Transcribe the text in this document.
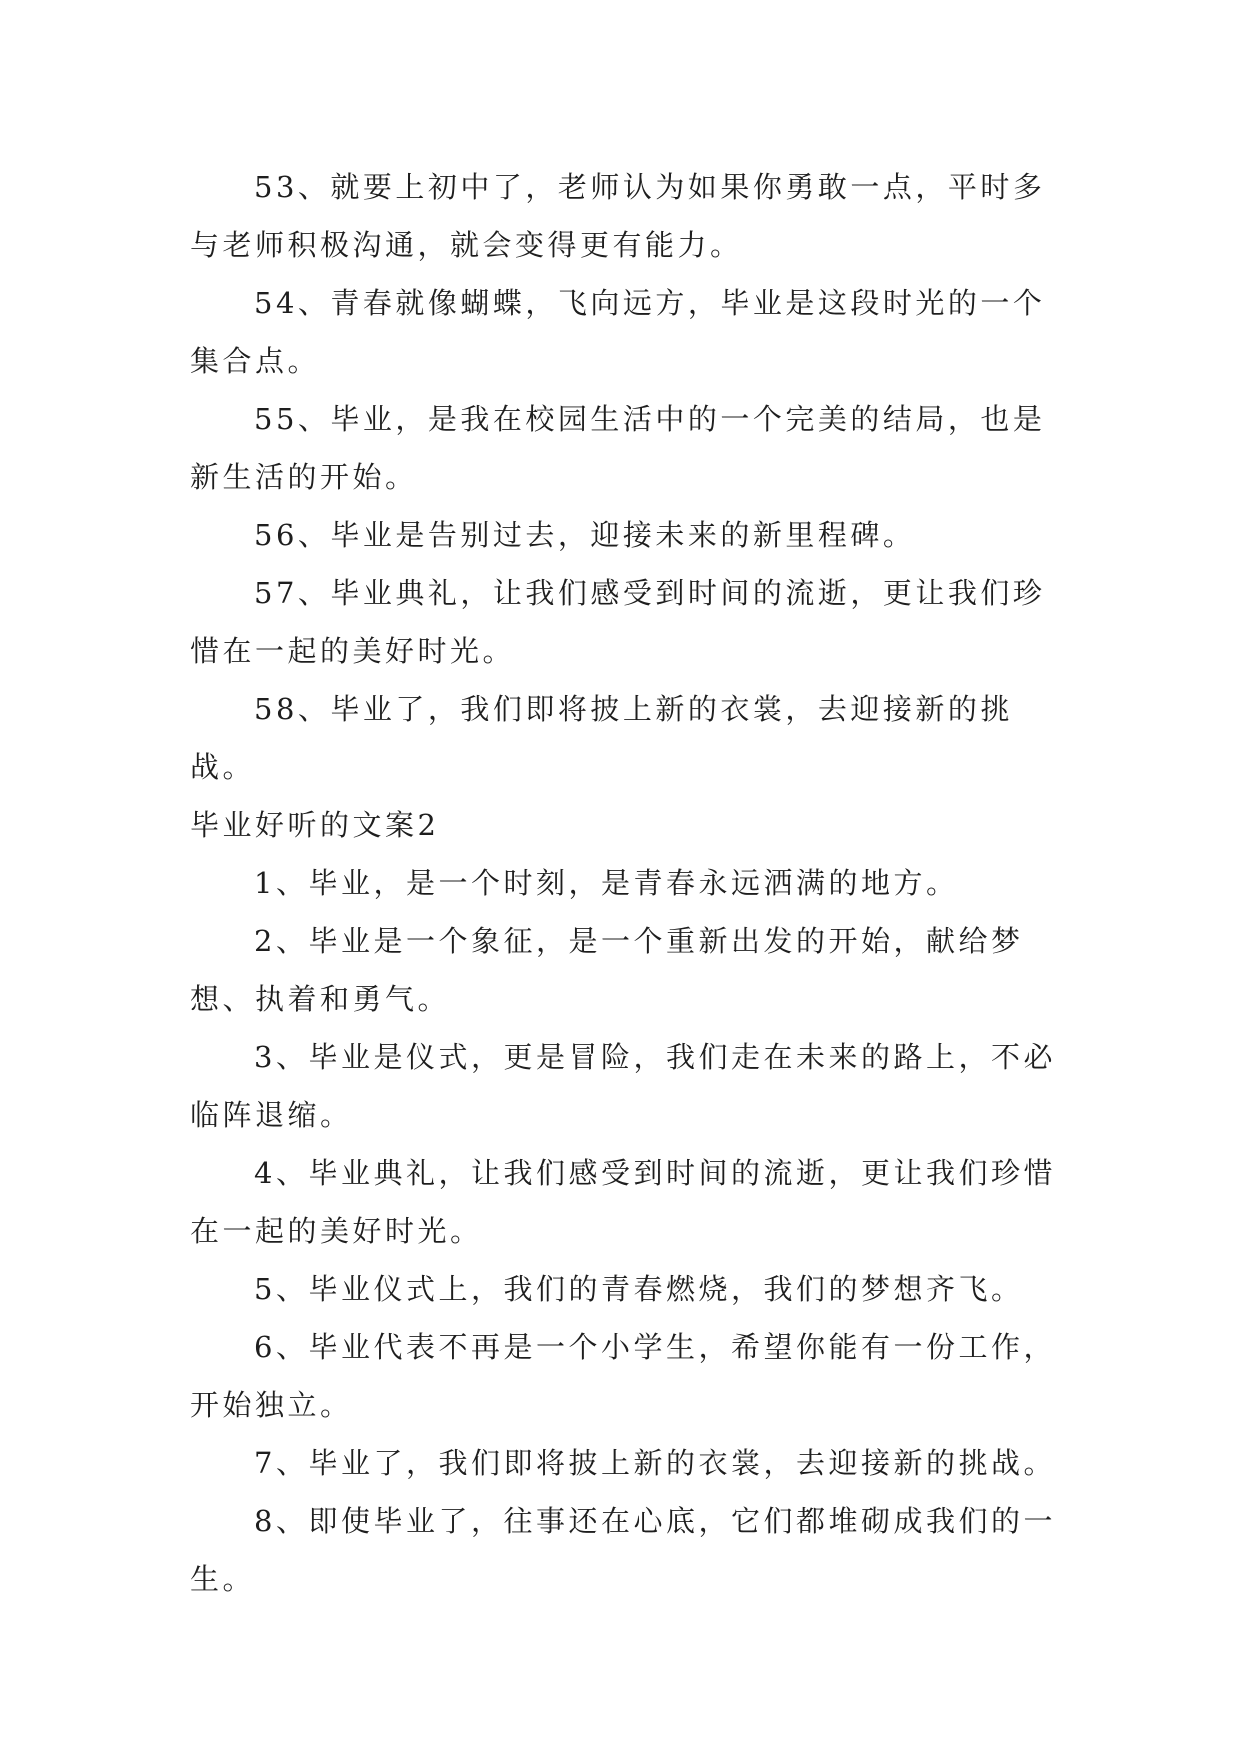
53、就要上初中了，老师认为如果你勇敢一点，平时多与老师积极沟通，就会变得更有能力。

54、青春就像蝴蝶，飞向远方，毕业是这段时光的一个集合点。

55、毕业，是我在校园生活中的一个完美的结局，也是新生活的开始。

56、毕业是告别过去，迎接未来的新里程碑。

57、毕业典礼，让我们感受到时间的流逝，更让我们珍惜在一起的美好时光。

58、毕业了，我们即将披上新的衣裳，去迎接新的挑战。

毕业好听的文案2

1、毕业，是一个时刻，是青春永远洒满的地方。

2、毕业是一个象征，是一个重新出发的开始，献给梦想、执着和勇气。

3、毕业是仪式，更是冒险，我们走在未来的路上，不必临阵退缩。

4、毕业典礼，让我们感受到时间的流逝，更让我们珍惜在一起的美好时光。

5、毕业仪式上，我们的青春燃烧，我们的梦想齐飞。

6、毕业代表不再是一个小学生，希望你能有一份工作，开始独立。

7、毕业了，我们即将披上新的衣裳，去迎接新的挑战。

8、即使毕业了，往事还在心底，它们都堆砌成我们的一生。
